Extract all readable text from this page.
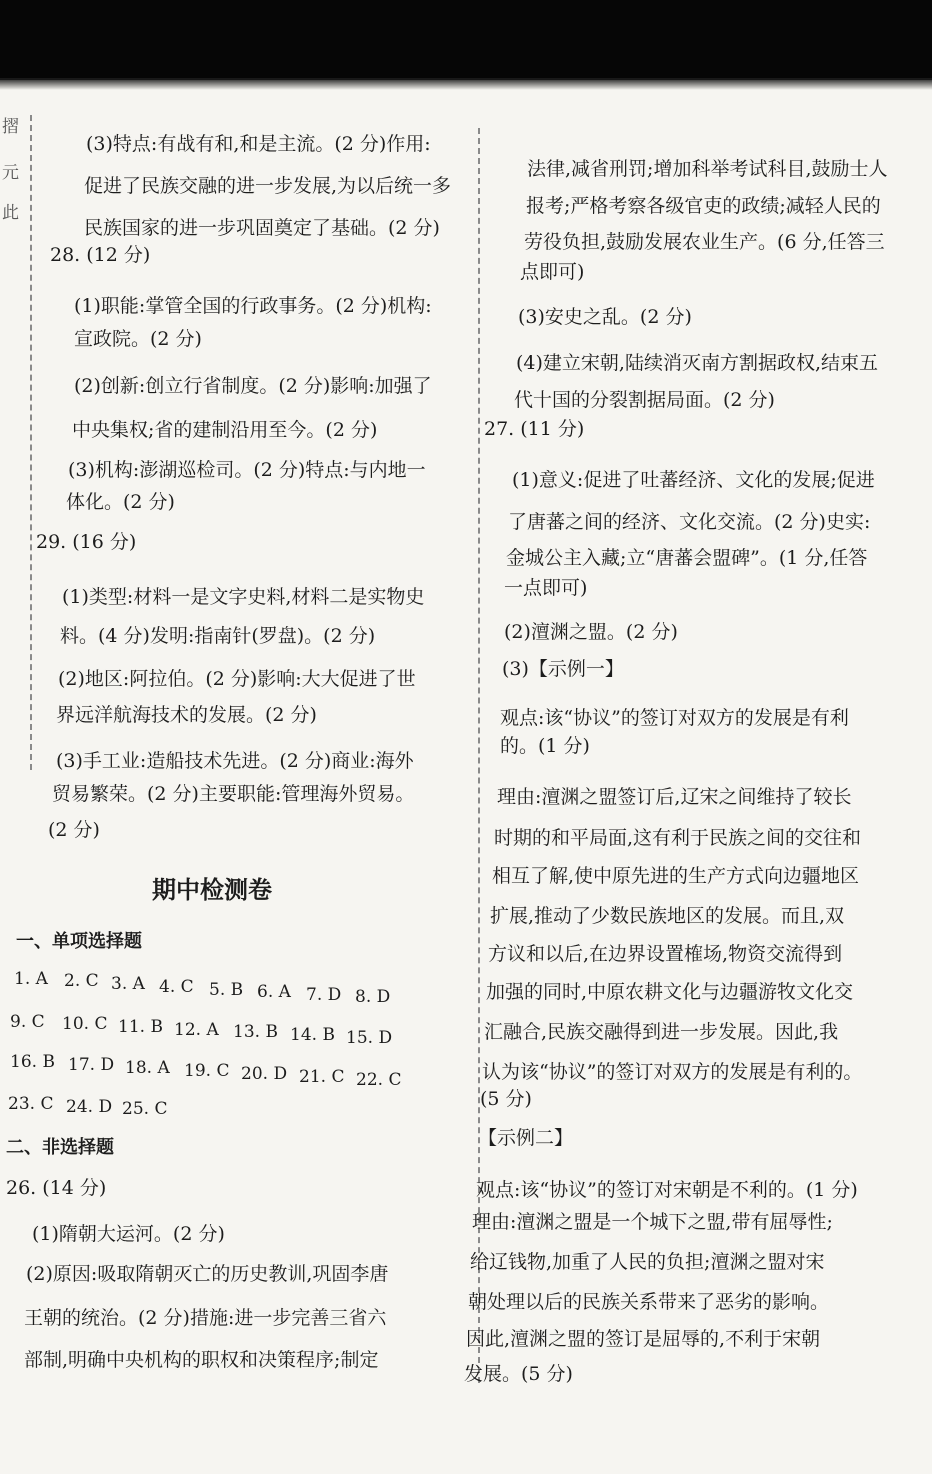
摺
元
此
(3)特点:有战有和,和是主流。(2 分)作用:
促进了民族交融的进一步发展,为以后统一多
民族国家的进一步巩固奠定了基础。(2 分)
28. (12 分)
(1)职能:掌管全国的行政事务。(2 分)机构:
宣政院。(2 分)
(2)创新:创立行省制度。(2 分)影响:加强了
中央集权;省的建制沿用至今。(2 分)
(3)机构:澎湖巡检司。(2 分)特点:与内地一
体化。(2 分)
29. (16 分)
(1)类型:材料一是文字史料,材料二是实物史
料。(4 分)发明:指南针(罗盘)。(2 分)
(2)地区:阿拉伯。(2 分)影响:大大促进了世
界远洋航海技术的发展。(2 分)
(3)手工业:造船技术先进。(2 分)商业:海外
贸易繁荣。(2 分)主要职能:管理海外贸易。
(2 分)
期中检测卷
一、单项选择题
1. A 2. C 3. A 4. C 5. B 6. A 7. D 8. D
9. C 10. C 11. B 12. A 13. B 14. B 15. D
16. B 17. D 18. A 19. C 20. D 21. C 22. C
23. C 24. D 25. C
二、非选择题
26. (14 分)
(1)隋朝大运河。(2 分)
(2)原因:吸取隋朝灭亡的历史教训,巩固李唐
王朝的统治。(2 分)措施:进一步完善三省六
部制,明确中央机构的职权和决策程序;制定
法律,减省刑罚;增加科举考试科目,鼓励士人
报考;严格考察各级官吏的政绩;减轻人民的
劳役负担,鼓励发展农业生产。(6 分,任答三
点即可)
(3)安史之乱。(2 分)
(4)建立宋朝,陆续消灭南方割据政权,结束五
代十国的分裂割据局面。(2 分)
27. (11 分)
(1)意义:促进了吐蕃经济、文化的发展;促进
了唐蕃之间的经济、文化交流。(2 分)史实:
金城公主入藏;立“唐蕃会盟碑”。(1 分,任答
一点即可)
(2)澶渊之盟。(2 分)
(3)【示例一】
观点:该“协议”的签订对双方的发展是有利
的。(1 分)
理由:澶渊之盟签订后,辽宋之间维持了较长
时期的和平局面,这有利于民族之间的交往和
相互了解,使中原先进的生产方式向边疆地区
扩展,推动了少数民族地区的发展。而且,双
方议和以后,在边界设置榷场,物资交流得到
加强的同时,中原农耕文化与边疆游牧文化交
汇融合,民族交融得到进一步发展。因此,我
认为该“协议”的签订对双方的发展是有利的。
(5 分)
【示例二】
观点:该“协议”的签订对宋朝是不利的。(1 分)
理由:澶渊之盟是一个城下之盟,带有屈辱性;
给辽钱物,加重了人民的负担;澶渊之盟对宋
朝处理以后的民族关系带来了恶劣的影响。
因此,澶渊之盟的签订是屈辱的,不利于宋朝
发展。(5 分)
